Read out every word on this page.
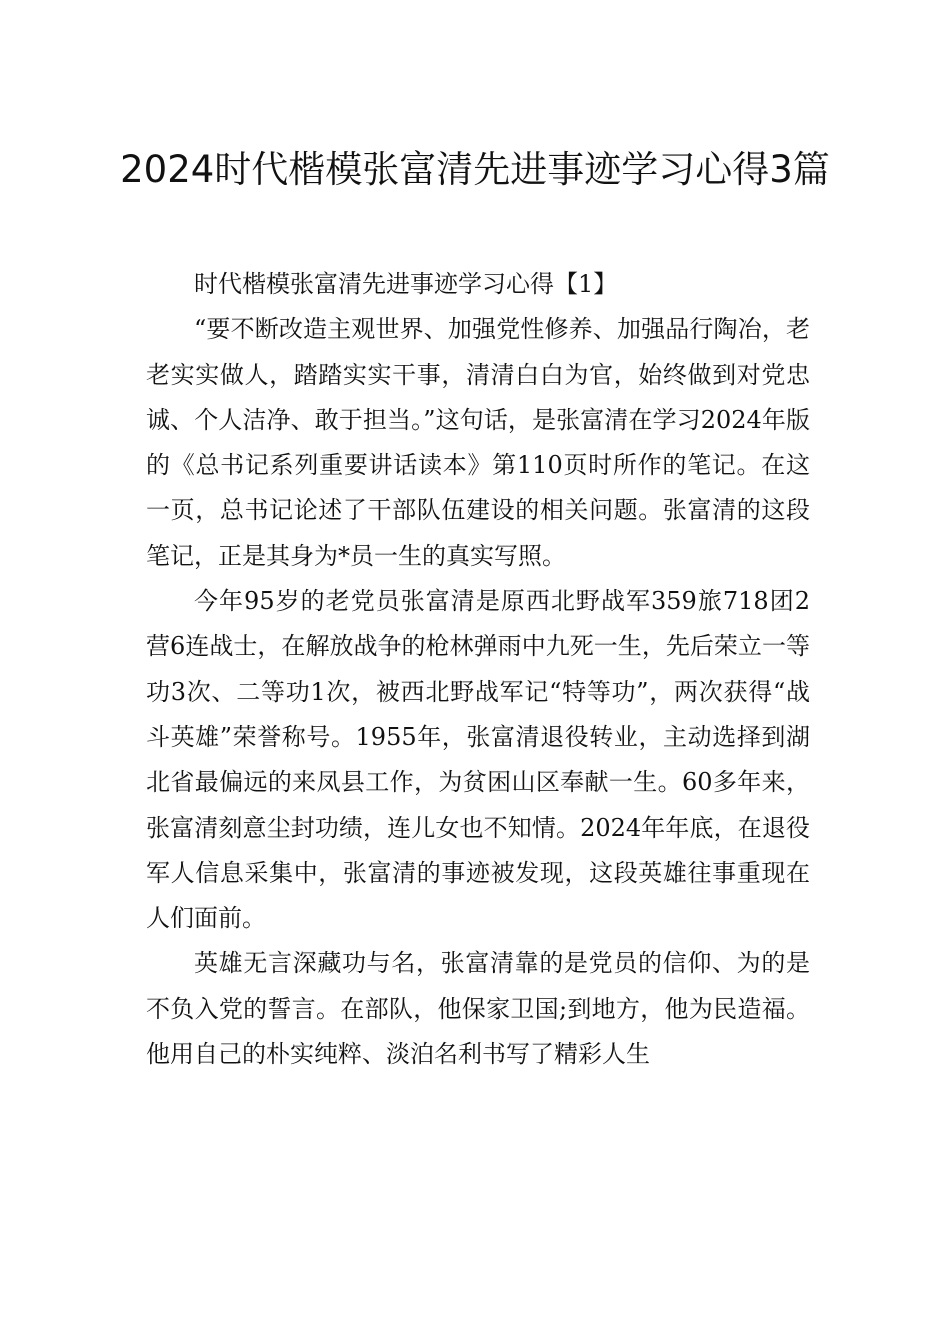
2024时代楷模张富清先进事迹学习心得3篇

时代楷模张富清先进事迹学习心得【1】

“要不断改造主观世界、加强党性修养、加强品行陶冶，老老实实做人，踏踏实实干事，清清白白为官，始终做到对党忠诚、个人洁净、敢于担当。”这句话，是张富清在学习2024年版的《总书记系列重要讲话读本》第110页时所作的笔记。在这一页，总书记论述了干部队伍建设的相关问题。张富清的这段笔记，正是其身为*员一生的真实写照。

今年95岁的老党员张富清是原西北野战军359旅718团2营6连战士，在解放战争的枪林弹雨中九死一生，先后荣立一等功3次、二等功1次，被西北野战军记“特等功”，两次获得“战斗英雄”荣誉称号。1955年，张富清退役转业，主动选择到湖北省最偏远的来凤县工作，为贫困山区奉献一生。60多年来，张富清刻意尘封功绩，连儿女也不知情。2024年年底，在退役军人信息采集中，张富清的事迹被发现，这段英雄往事重现在人们面前。

英雄无言深藏功与名，张富清靠的是党员的信仰、为的是不负入党的誓言。在部队，他保家卫国;到地方，他为民造福。他用自己的朴实纯粹、淡泊名利书写了精彩人生
